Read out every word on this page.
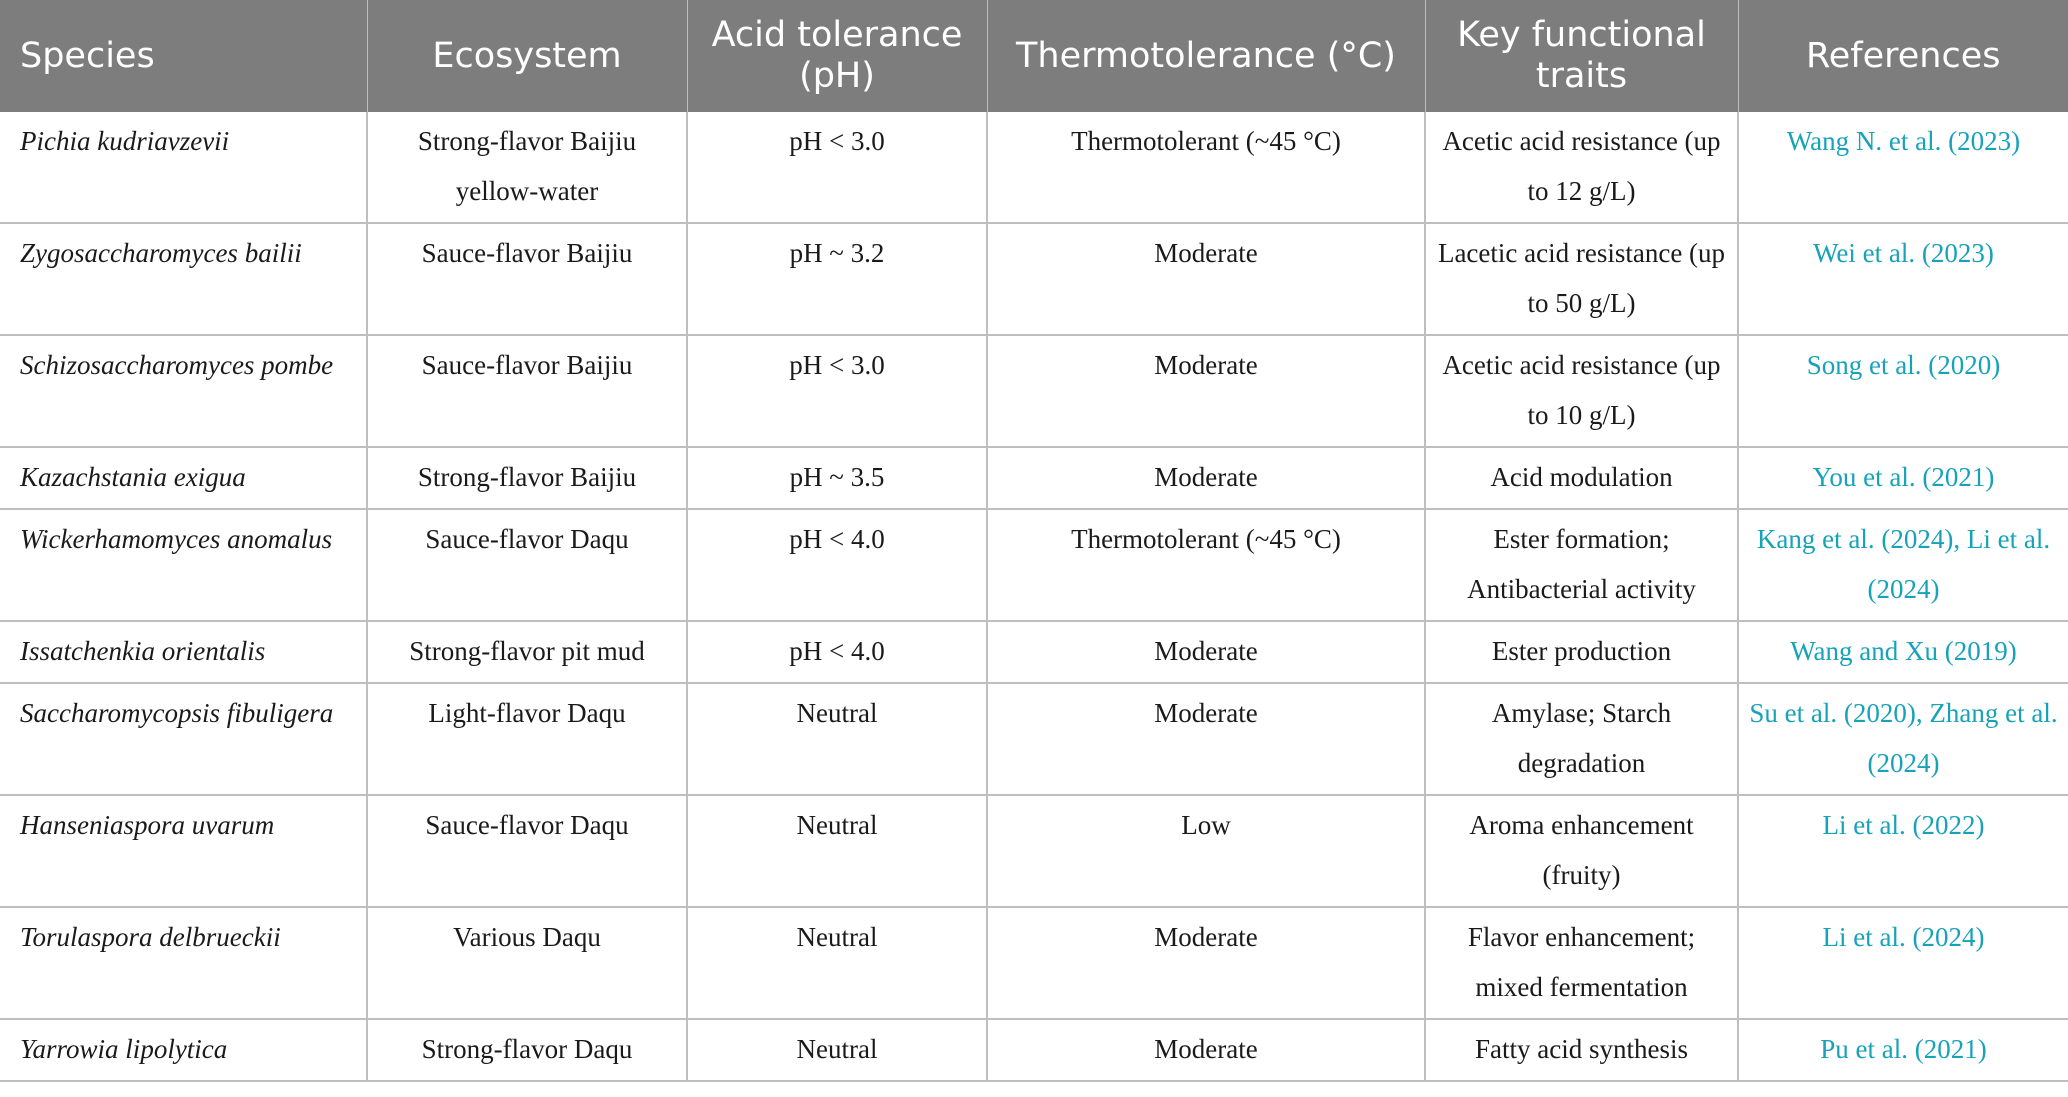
Species	Ecosystem	Acid tolerance (pH)	Thermotolerance (°C)	Key functional traits	References
Pichia kudriavzevii	Strong-flavor Baijiu yellow-water	pH < 3.0	Thermotolerant (~45 °C)	Acetic acid resistance (up to 12 g/L)	Wang N. et al. (2023)
Zygosaccharomyces bailii	Sauce-flavor Baijiu	pH ~ 3.2	Moderate	Lacetic acid resistance (up to 50 g/L)	Wei et al. (2023)
Schizosaccharomyces pombe	Sauce-flavor Baijiu	pH < 3.0	Moderate	Acetic acid resistance (up to 10 g/L)	Song et al. (2020)
Kazachstania exigua	Strong-flavor Baijiu	pH ~ 3.5	Moderate	Acid modulation	You et al. (2021)
Wickerhamomyces anomalus	Sauce-flavor Daqu	pH < 4.0	Thermotolerant (~45 °C)	Ester formation; Antibacterial activity	Kang et al. (2024), Li et al. (2024)
Issatchenkia orientalis	Strong-flavor pit mud	pH < 4.0	Moderate	Ester production	Wang and Xu (2019)
Saccharomycopsis fibuligera	Light-flavor Daqu	Neutral	Moderate	Amylase; Starch degradation	Su et al. (2020), Zhang et al. (2024)
Hanseniaspora uvarum	Sauce-flavor Daqu	Neutral	Low	Aroma enhancement (fruity)	Li et al. (2022)
Torulaspora delbrueckii	Various Daqu	Neutral	Moderate	Flavor enhancement; mixed fermentation	Li et al. (2024)
Yarrowia lipolytica	Strong-flavor Daqu	Neutral	Moderate	Fatty acid synthesis	Pu et al. (2021)
